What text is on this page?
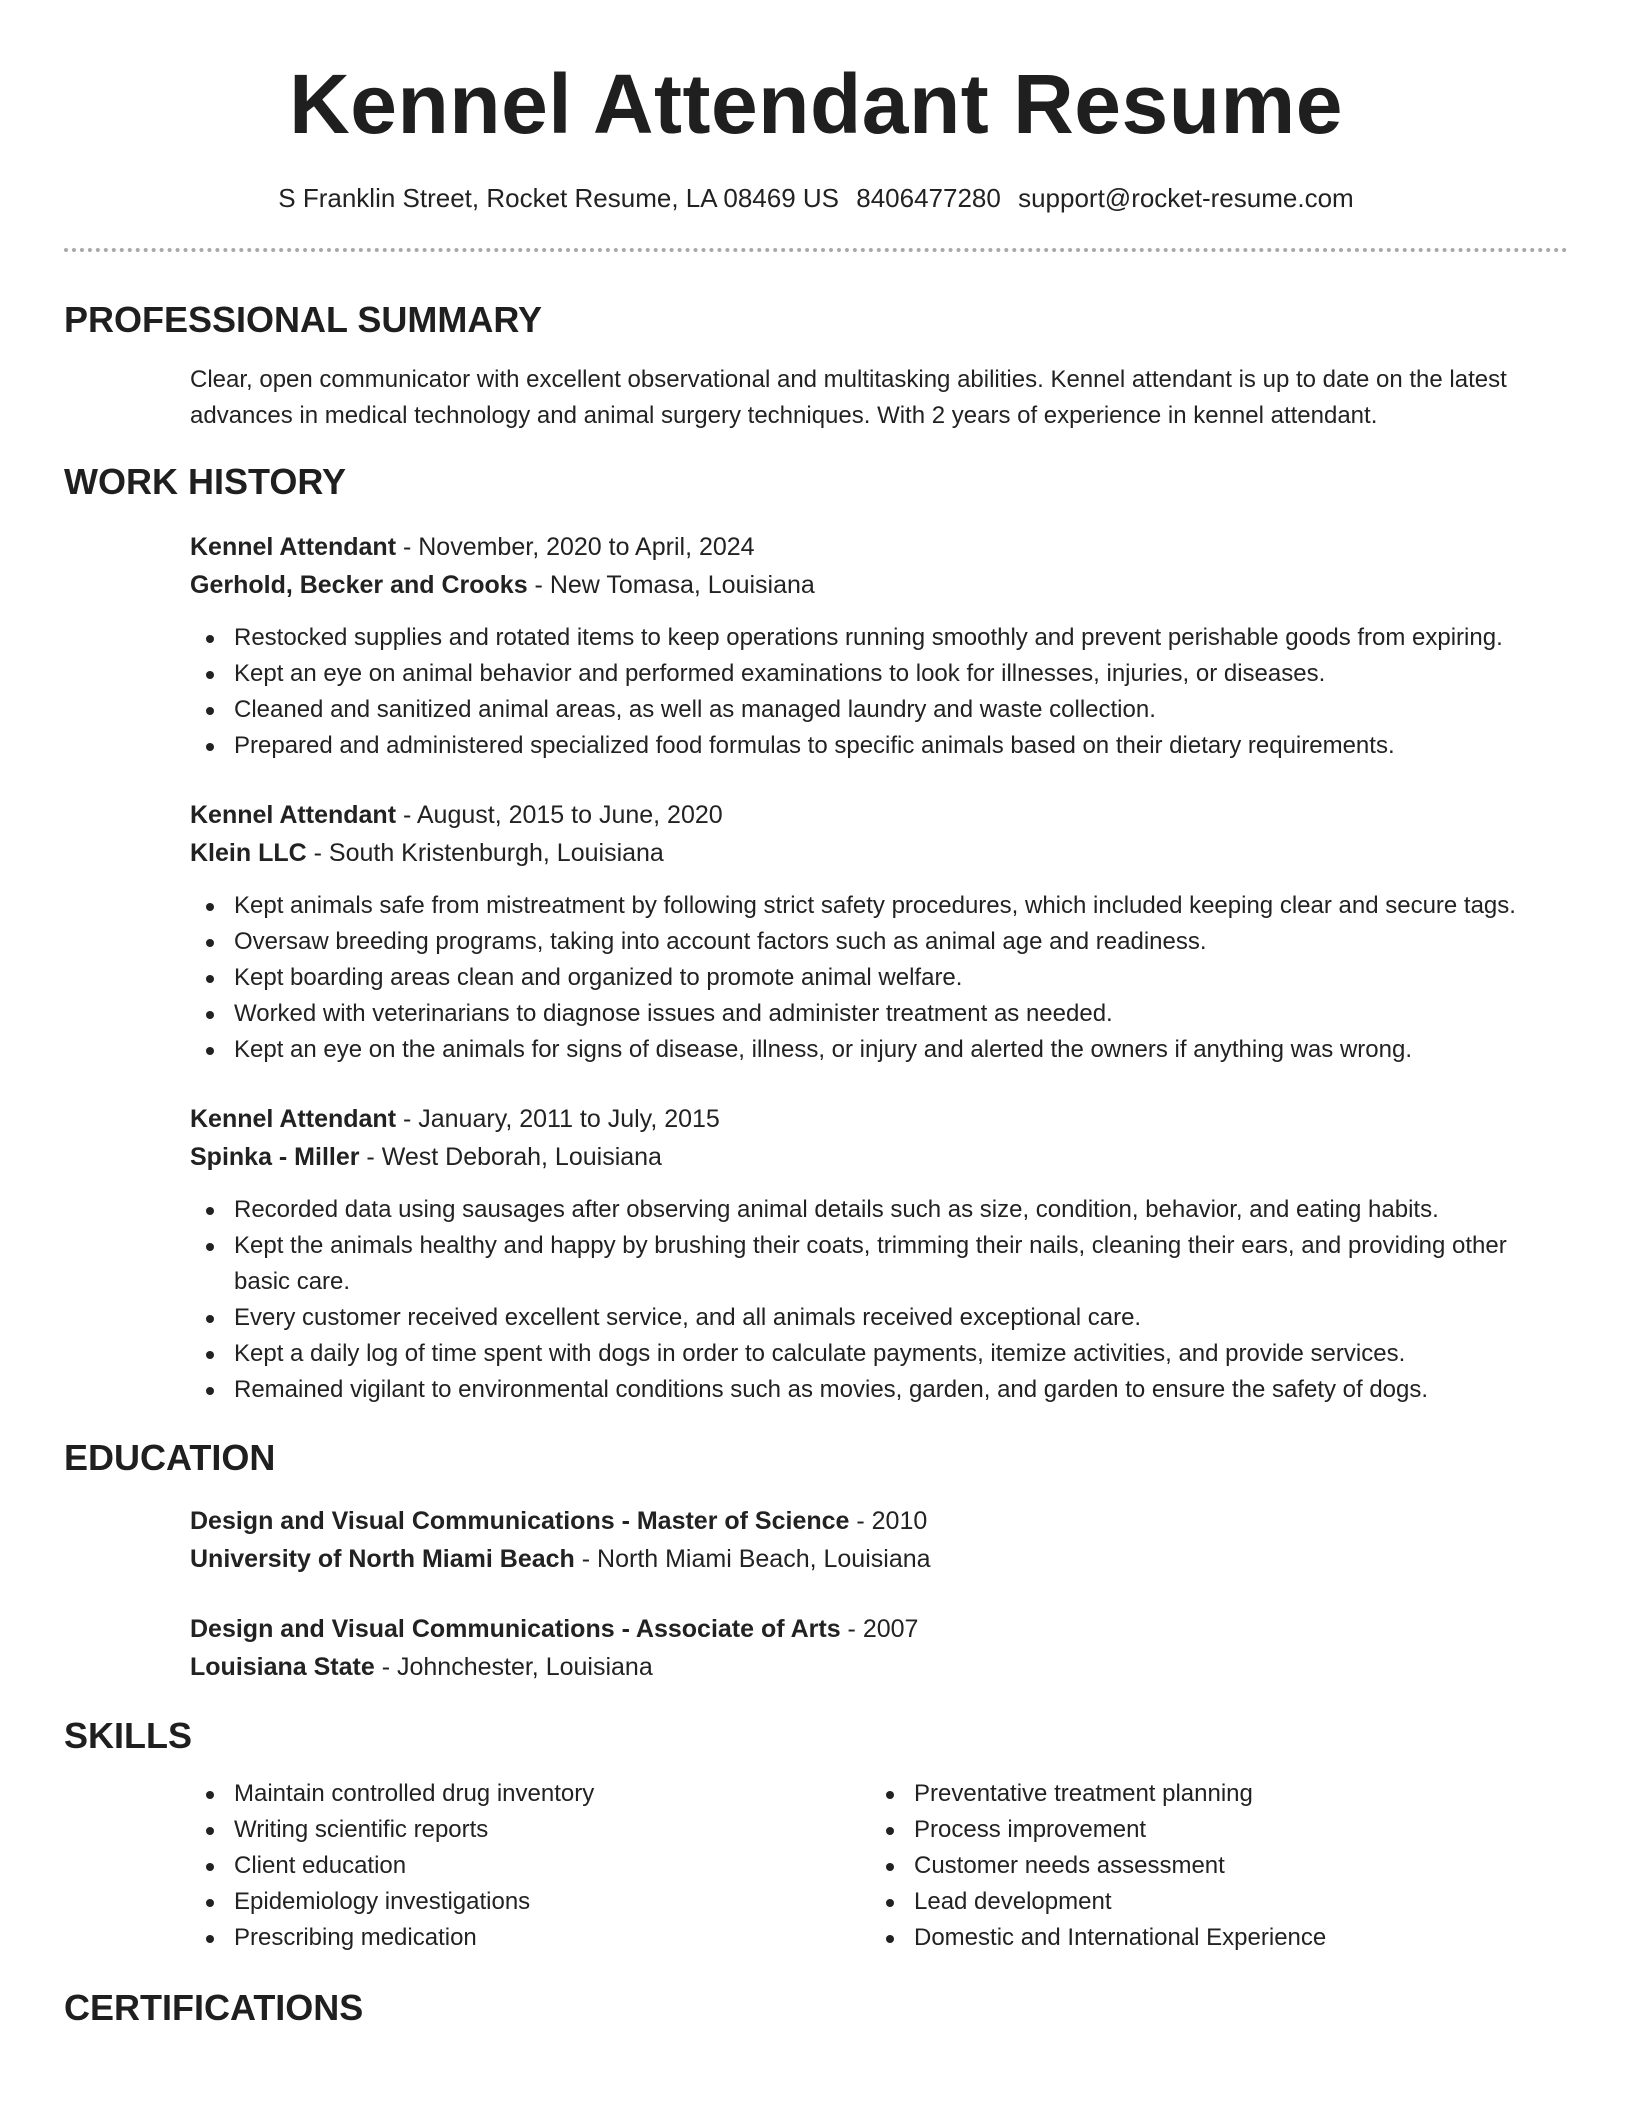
Kennel Attendant Resume
S Franklin Street, Rocket Resume, LA 08469 US 8406477280 support@rocket-resume.com
PROFESSIONAL SUMMARY
Clear, open communicator with excellent observational and multitasking abilities. Kennel attendant is up to date on the latest advances in medical technology and animal surgery techniques. With 2 years of experience in kennel attendant.
WORK HISTORY
Kennel Attendant - November, 2020 to April, 2024
Gerhold, Becker and Crooks - New Tomasa, Louisiana
Restocked supplies and rotated items to keep operations running smoothly and prevent perishable goods from expiring.
Kept an eye on animal behavior and performed examinations to look for illnesses, injuries, or diseases.
Cleaned and sanitized animal areas, as well as managed laundry and waste collection.
Prepared and administered specialized food formulas to specific animals based on their dietary requirements.
Kennel Attendant - August, 2015 to June, 2020
Klein LLC - South Kristenburgh, Louisiana
Kept animals safe from mistreatment by following strict safety procedures, which included keeping clear and secure tags.
Oversaw breeding programs, taking into account factors such as animal age and readiness.
Kept boarding areas clean and organized to promote animal welfare.
Worked with veterinarians to diagnose issues and administer treatment as needed.
Kept an eye on the animals for signs of disease, illness, or injury and alerted the owners if anything was wrong.
Kennel Attendant - January, 2011 to July, 2015
Spinka - Miller - West Deborah, Louisiana
Recorded data using sausages after observing animal details such as size, condition, behavior, and eating habits.
Kept the animals healthy and happy by brushing their coats, trimming their nails, cleaning their ears, and providing other basic care.
Every customer received excellent service, and all animals received exceptional care.
Kept a daily log of time spent with dogs in order to calculate payments, itemize activities, and provide services.
Remained vigilant to environmental conditions such as movies, garden, and garden to ensure the safety of dogs.
EDUCATION
Design and Visual Communications - Master of Science - 2010
University of North Miami Beach - North Miami Beach, Louisiana
Design and Visual Communications - Associate of Arts - 2007
Louisiana State - Johnchester, Louisiana
SKILLS
Maintain controlled drug inventory
Writing scientific reports
Client education
Epidemiology investigations
Prescribing medication
Preventative treatment planning
Process improvement
Customer needs assessment
Lead development
Domestic and International Experience
CERTIFICATIONS
